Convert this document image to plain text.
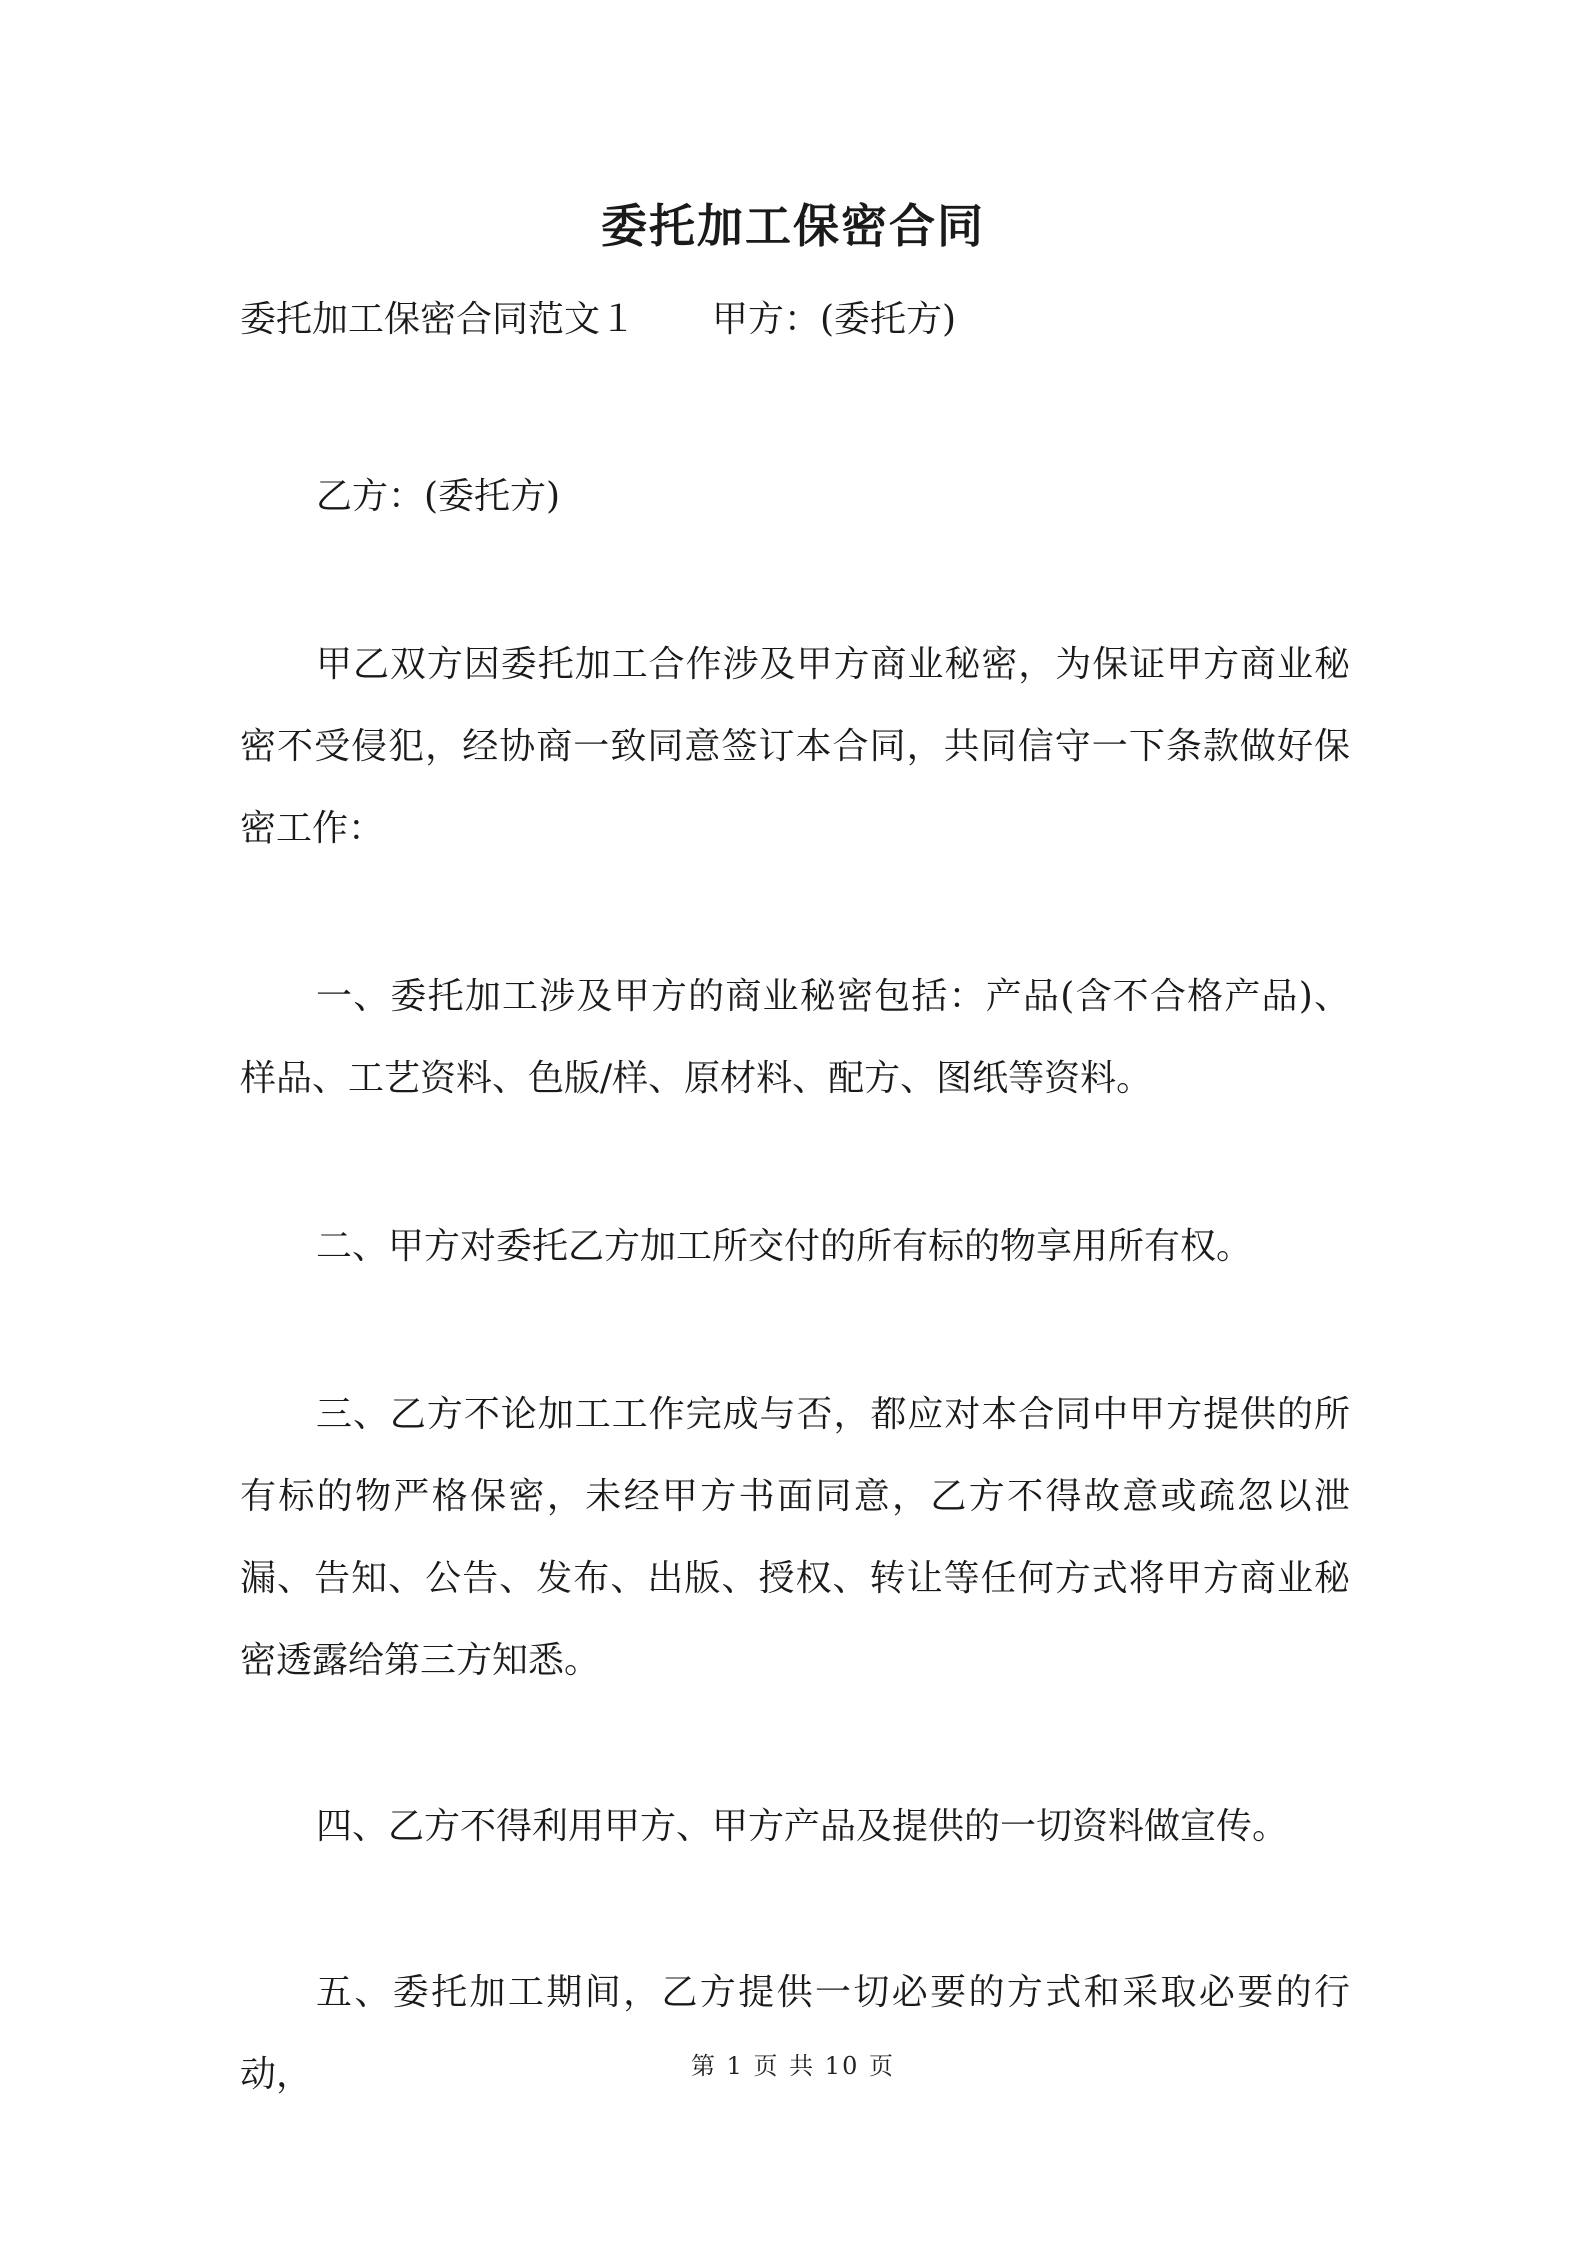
委托加工保密合同
委托加工保密合同范文１ 甲方：(委托方)
乙方：(委托方)
甲乙双方因委托加工合作涉及甲方商业秘密，为保证甲方商业秘密不受侵犯，经协商一致同意签订本合同，共同信守一下条款做好保密工作：
一、委托加工涉及甲方的商业秘密包括：产品(含不合格产品)、样品、工艺资料、色版/样、原材料、配方、图纸等资料。
二、甲方对委托乙方加工所交付的所有标的物享用所有权。
三、乙方不论加工工作完成与否，都应对本合同中甲方提供的所有标的物严格保密，未经甲方书面同意，乙方不得故意或疏忽以泄漏、告知、公告、发布、出版、授权、转让等任何方式将甲方商业秘密透露给第三方知悉。
四、乙方不得利用甲方、甲方产品及提供的一切资料做宣传。
五、委托加工期间，乙方提供一切必要的方式和采取必要的行动，	第 1 页 共 10 页
